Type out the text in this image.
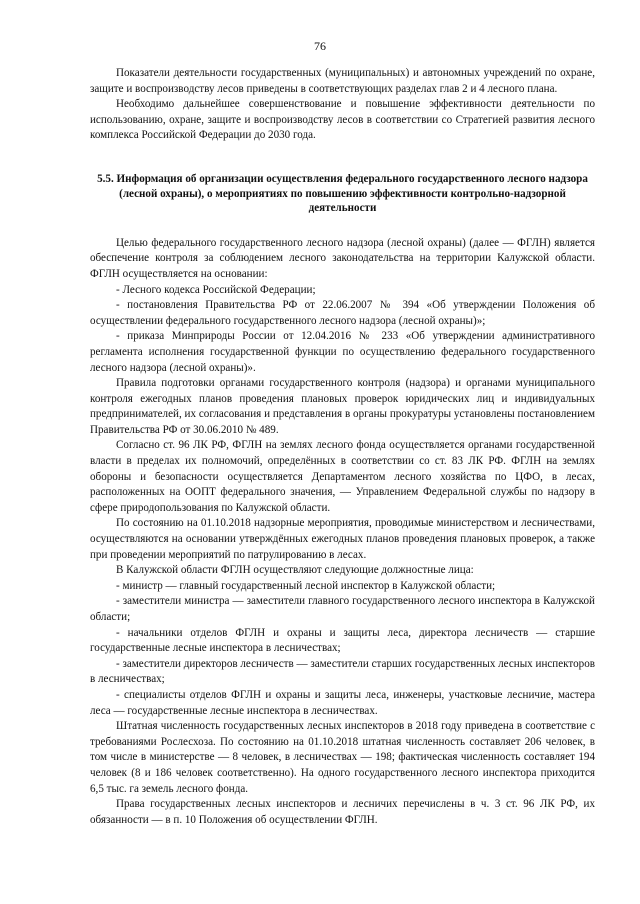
76

Показатели деятельности государственных (муниципальных) и автономных учреждений по охране, защите и воспроизводству лесов приведены в соответствующих разделах глав 2 и 4 лесного плана.

Необходимо дальнейшее совершенствование и повышение эффективности деятельности по использованию, охране, защите и воспроизводству лесов в соответствии со Стратегией развития лесного комплекса Российской Федерации до 2030 года.

5.5. Информация об организации осуществления федерального государственного лесного надзора (лесной охраны), о мероприятиях по повышению эффективности контрольно-надзорной деятельности

Целью федерального государственного лесного надзора (лесной охраны) (далее — ФГЛН) является обеспечение контроля за соблюдением лесного законодательства на территории Калужской области. ФГЛН осуществляется на основании:

- Лесного кодекса Российской Федерации;

- постановления Правительства РФ от 22.06.2007 № 394 «Об утверждении Положения об осуществлении федерального государственного лесного надзора (лесной охраны)»;

- приказа Минприроды России от 12.04.2016 № 233 «Об утверждении административного регламента исполнения государственной функции по осуществлению федерального государственного лесного надзора (лесной охраны)».

Правила подготовки органами государственного контроля (надзора) и органами муниципального контроля ежегодных планов проведения плановых проверок юридических лиц и индивидуальных предпринимателей, их согласования и представления в органы прокуратуры установлены постановлением Правительства РФ от 30.06.2010 № 489.

Согласно ст. 96 ЛК РФ, ФГЛН на землях лесного фонда осуществляется органами государственной власти в пределах их полномочий, определённых в соответствии со ст. 83 ЛК РФ. ФГЛН на землях обороны и безопасности осуществляется Департаментом лесного хозяйства по ЦФО, в лесах, расположенных на ООПТ федерального значения, — Управлением Федеральной службы по надзору в сфере природопользования по Калужской области.

По состоянию на 01.10.2018 надзорные мероприятия, проводимые министерством и лесничествами, осуществляются на основании утверждённых ежегодных планов проведения плановых проверок, а также при проведении мероприятий по патрулированию в лесах.

В Калужской области ФГЛН осуществляют следующие должностные лица:

- министр — главный государственный лесной инспектор в Калужской области;

- заместители министра — заместители главного государственного лесного инспектора в Калужской области;

- начальники отделов ФГЛН и охраны и защиты леса, директора лесничеств — старшие государственные лесные инспектора в лесничествах;

- заместители директоров лесничеств — заместители старших государственных лесных инспекторов в лесничествах;

- специалисты отделов ФГЛН и охраны и защиты леса, инженеры, участковые лесничие, мастера леса — государственные лесные инспектора в лесничествах.

Штатная численность государственных лесных инспекторов в 2018 году приведена в соответствие с требованиями Рослесхоза. По состоянию на 01.10.2018 штатная численность составляет 206 человек, в том числе в министерстве — 8 человек, в лесничествах — 198; фактическая численность составляет 194 человек (8 и 186 человек соответственно). На одного государственного лесного инспектора приходится 6,5 тыс. га земель лесного фонда.

Права государственных лесных инспекторов и лесничих перечислены в ч. 3 ст. 96 ЛК РФ, их обязанности — в п. 10 Положения об осуществлении ФГЛН.
